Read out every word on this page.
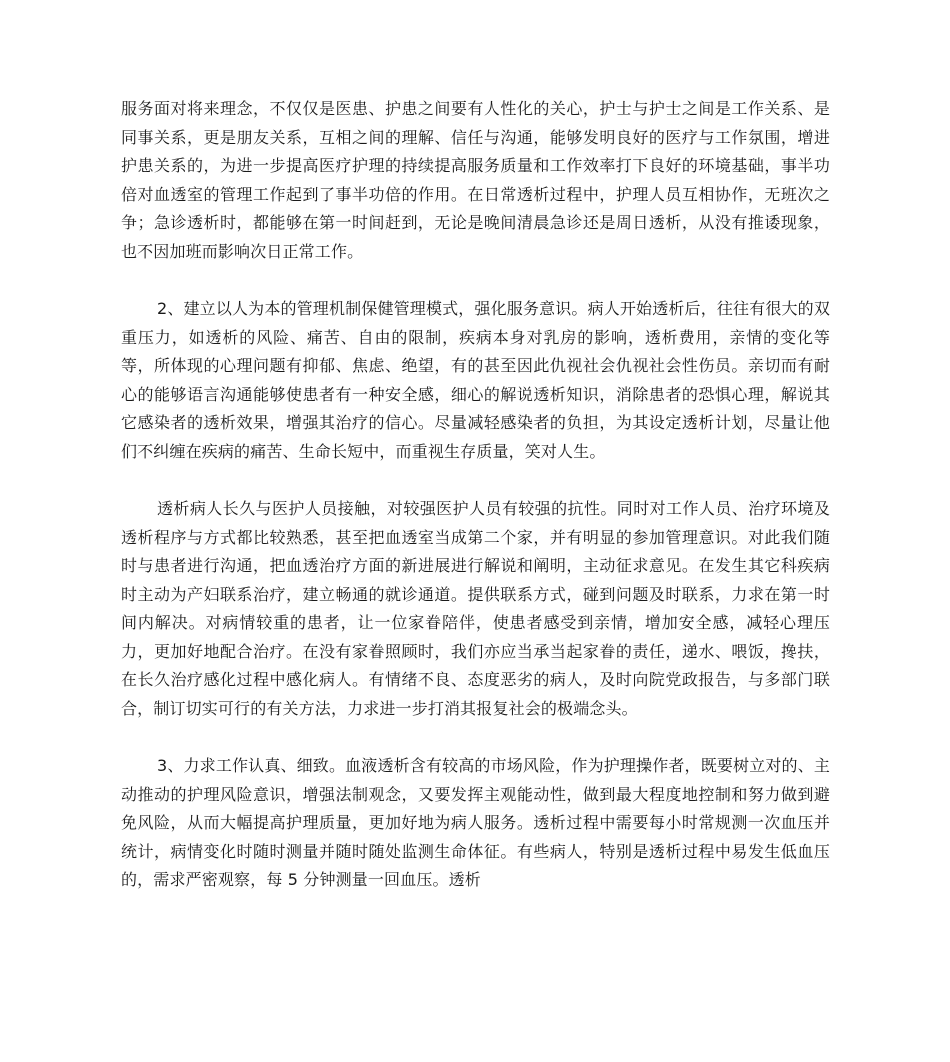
服务面对将来理念，不仅仅是医患、护患之间要有人性化的关心，护士与护士之间是工作关系、是同事关系，更是朋友关系，互相之间的理解、信任与沟通，能够发明良好的医疗与工作氛围，增进护患关系的，为进一步提高医疗护理的持续提高服务质量和工作效率打下良好的环境基础，事半功倍对血透室的管理工作起到了事半功倍的作用。在日常透析过程中，护理人员互相协作，无班次之争；急诊透析时，都能够在第一时间赶到，无论是晚间清晨急诊还是周日透析，从没有推诿现象，也不因加班而影响次日正常工作。

2、建立以人为本的管理机制保健管理模式，强化服务意识。病人开始透析后，往往有很大的双重压力，如透析的风险、痛苦、自由的限制，疾病本身对乳房的影响，透析费用，亲情的变化等等，所体现的心理问题有抑郁、焦虑、绝望，有的甚至因此仇视社会仇视社会性伤员。亲切而有耐心的能够语言沟通能够使患者有一种安全感，细心的解说透析知识，消除患者的恐惧心理，解说其它感染者的透析效果，增强其治疗的信心。尽量减轻感染者的负担，为其设定透析计划，尽量让他们不纠缠在疾病的痛苦、生命长短中，而重视生存质量，笑对人生。

透析病人长久与医护人员接触，对较强医护人员有较强的抗性。同时对工作人员、治疗环境及透析程序与方式都比较熟悉，甚至把血透室当成第二个家，并有明显的参加管理意识。对此我们随时与患者进行沟通，把血透治疗方面的新进展进行解说和阐明，主动征求意见。在发生其它科疾病时主动为产妇联系治疗，建立畅通的就诊通道。提供联系方式，碰到问题及时联系，力求在第一时间内解决。对病情较重的患者，让一位家眷陪伴，使患者感受到亲情，增加安全感，减轻心理压力，更加好地配合治疗。在没有家眷照顾时，我们亦应当承当起家眷的责任，递水、喂饭，搀扶，在长久治疗感化过程中感化病人。有情绪不良、态度恶劣的病人，及时向院党政报告，与多部门联合，制订切实可行的有关方法，力求进一步打消其报复社会的极端念头。

3、力求工作认真、细致。血液透析含有较高的市场风险，作为护理操作者，既要树立对的、主动推动的护理风险意识，增强法制观念，又要发挥主观能动性，做到最大程度地控制和努力做到避免风险，从而大幅提高护理质量，更加好地为病人服务。透析过程中需要每小时常规测一次血压并统计，病情变化时随时测量并随时随处监测生命体征。有些病人，特别是透析过程中易发生低血压的，需求严密观察，每 5 分钟测量一回血压。透析
